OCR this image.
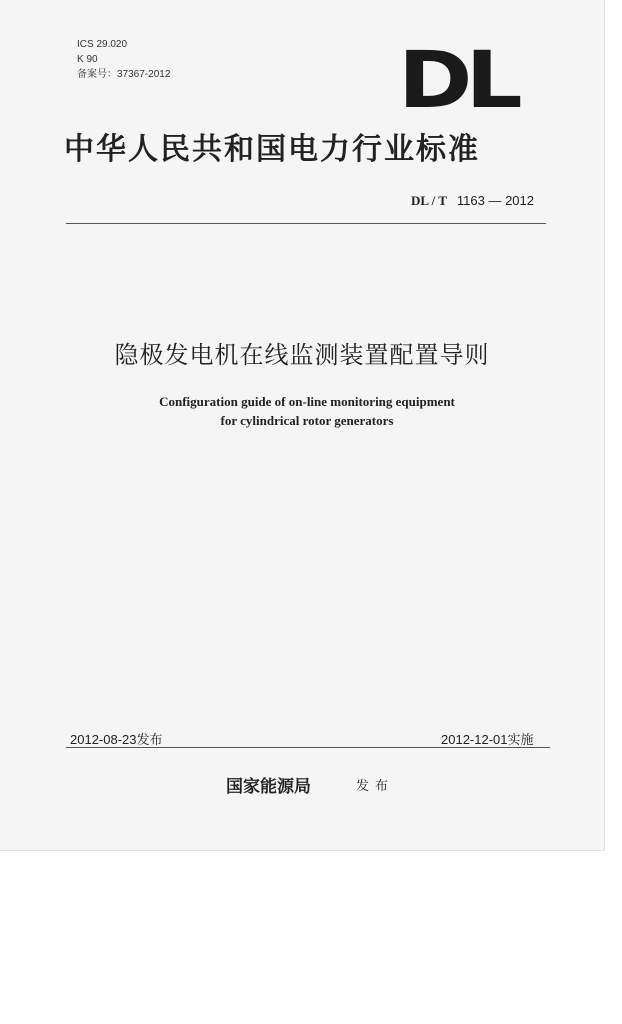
ICS 29.020
K 90
备案号：37367-2012	DL
中华人民共和国电力行业标准
DL / T 1163 — 2012
隐极发电机在线监测装置配置导则
Configuration guide of on-line monitoring equipment
for cylindrical rotor generators
2012-08-23发布	2012-12-01实施
国家能源局	发布
